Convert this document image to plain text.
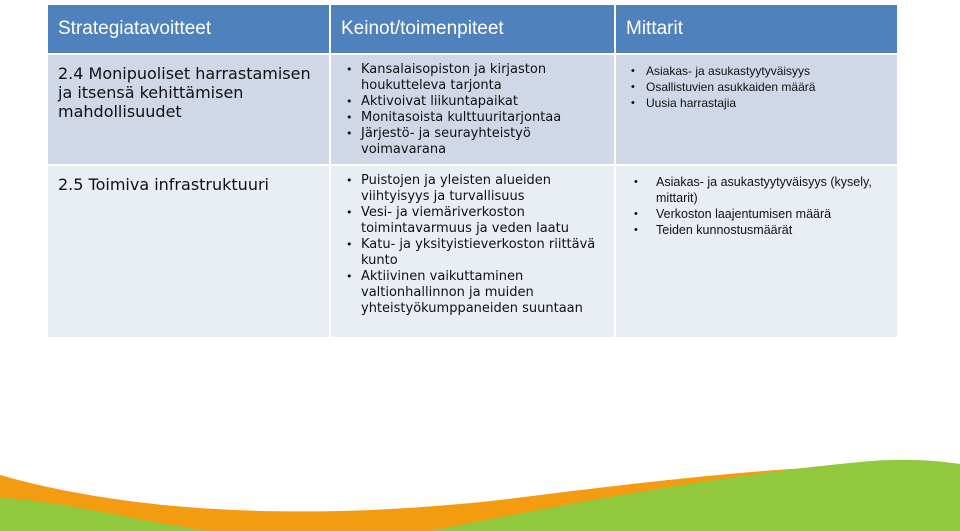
Strategiatavoitteet	Keinot/toimenpiteet	Mittarit
2.4 Monipuoliset harrastamisen ja itsensä kehittämisen mahdollisuudet
• Kansalaisopiston ja kirjaston houkutteleva tarjonta
• Aktivoivat liikuntapaikat
• Monitasoista kulttuuritarjontaa
• Järjestö- ja seurayhteistyö voimavarana
• Asiakas- ja asukastyytyväisyys
• Osallistuvien asukkaiden määrä
• Uusia harrastajia
2.5 Toimiva infrastruktuuri
•	Puistojen ja yleisten alueiden viihtyisyys ja turvallisuus
• Vesi- ja viemäriverkoston toimintavarmuus ja veden laatu
• Katu- ja yksityistieverkoston riittävä kunto
• Aktiivinen vaikuttaminen valtionhallinnon ja muiden yhteistyökumppaneiden suuntaan
• Asiakas- ja asukastyytyväisyys (kysely, mittarit)
• Verkoston laajentumisen määrä
• Teiden kunnostusmäärät
